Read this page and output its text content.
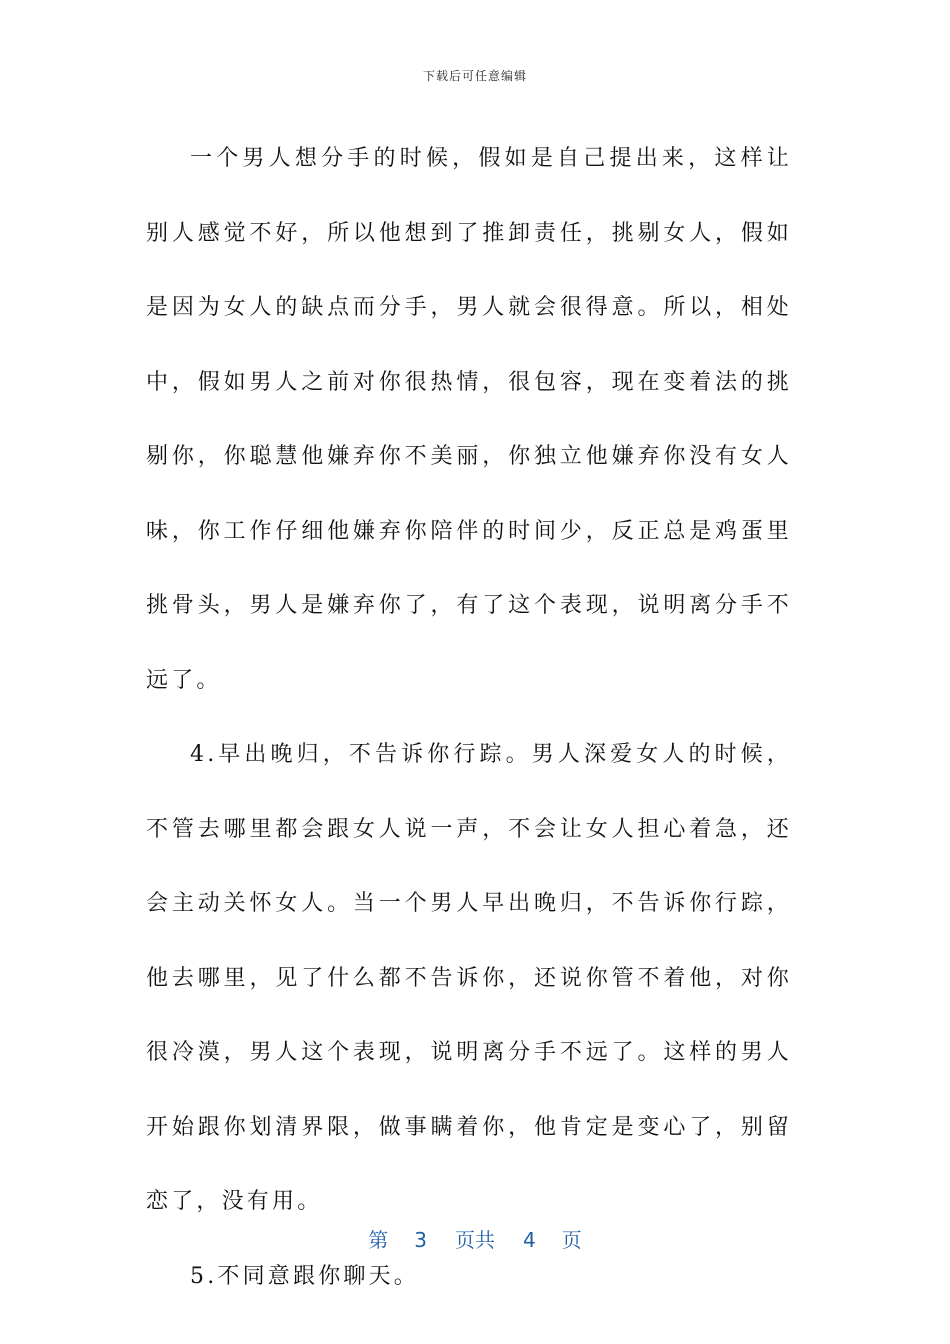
下载后可任意编辑

一个男人想分手的时候，假如是自己提出来，这样让别人感觉不好，所以他想到了推卸责任，挑剔女人，假如是因为女人的缺点而分手，男人就会很得意。所以，相处中，假如男人之前对你很热情，很包容，现在变着法的挑剔你，你聪慧他嫌弃你不美丽，你独立他嫌弃你没有女人味，你工作仔细他嫌弃你陪伴的时间少，反正总是鸡蛋里挑骨头，男人是嫌弃你了，有了这个表现，说明离分手不远了。

4.早出晚归，不告诉你行踪。男人深爱女人的时候，不管去哪里都会跟女人说一声，不会让女人担心着急，还会主动关怀女人。当一个男人早出晚归，不告诉你行踪，他去哪里，见了什么都不告诉你，还说你管不着他，对你很冷漠，男人这个表现，说明离分手不远了。这样的男人开始跟你划清界限，做事瞒着你，他肯定是变心了，别留恋了，没有用。

5.不同意跟你聊天。

第 3 页共 4 页
